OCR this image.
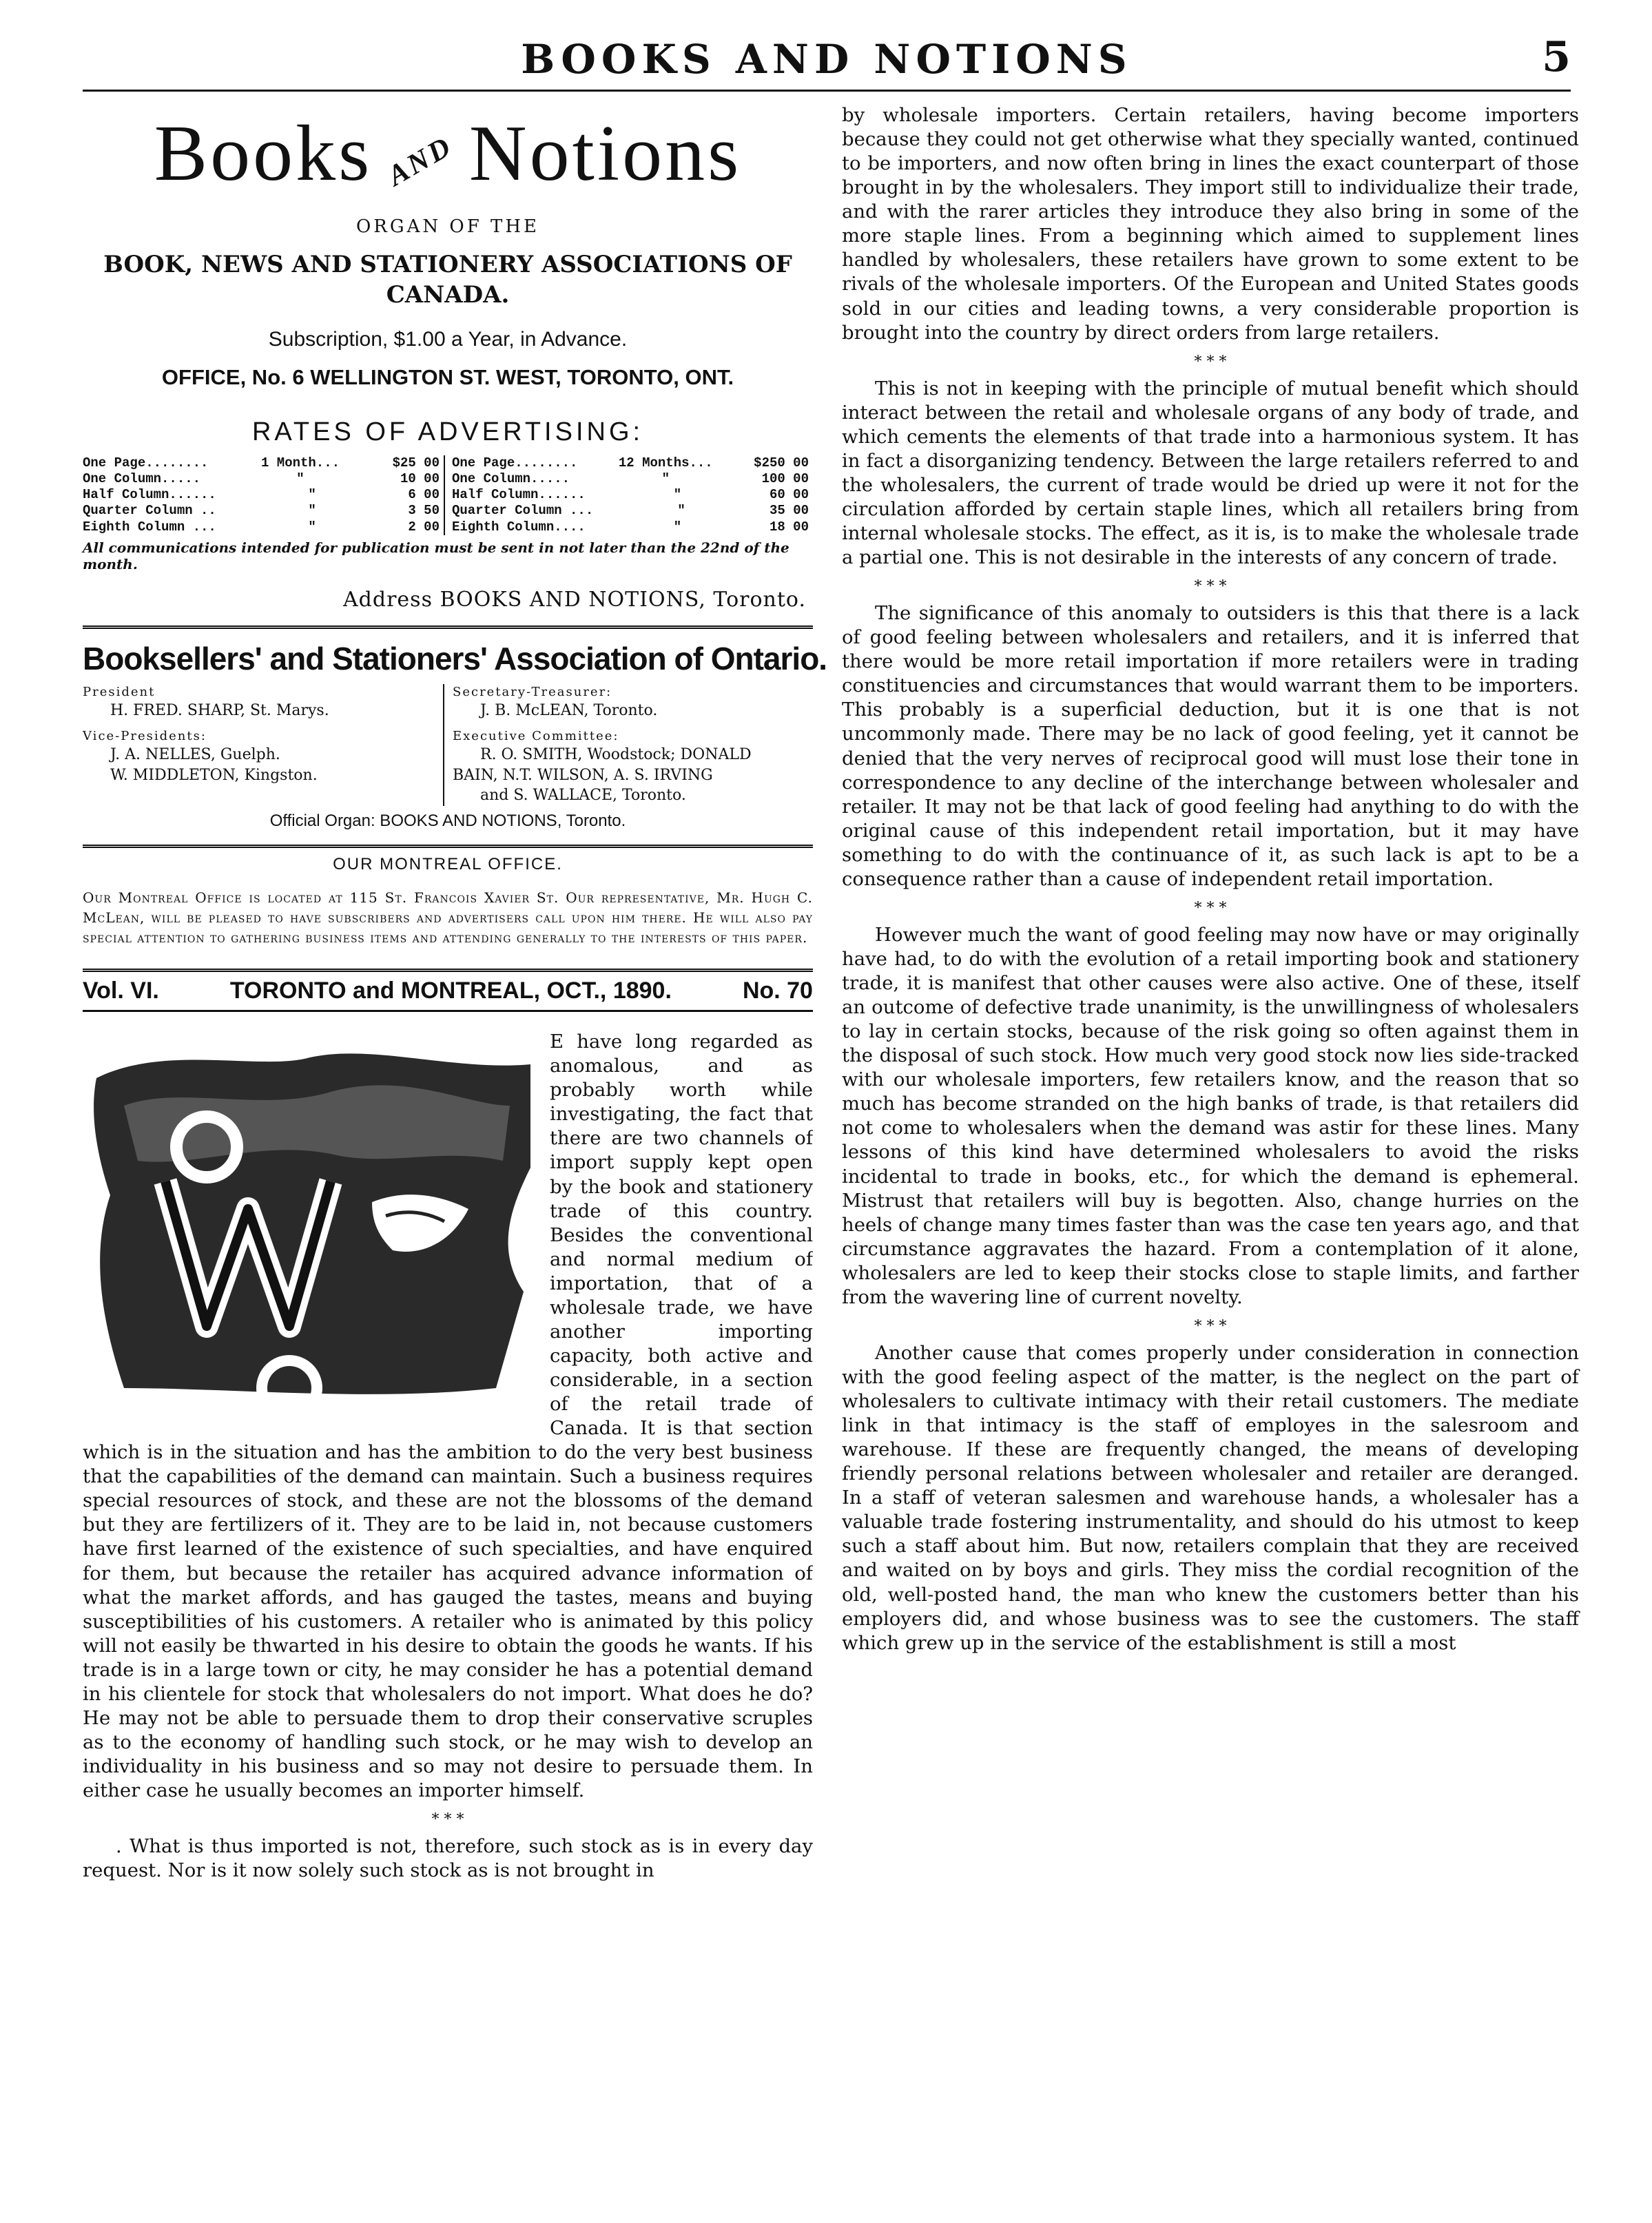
BOOKS AND NOTIONS	5
Books AND Notions
ORGAN OF THE
BOOK, NEWS AND STATIONERY ASSOCIATIONS OF CANADA.
Subscription, $1.00 a Year, in Advance.
OFFICE, No. 6 WELLINGTON ST. WEST, TORONTO, ONT.
RATES OF ADVERTISING:
One Page........	1 Month...	$25 00
One Column.....	"	10 00
Half Column......	"	6 00
Quarter Column ..	"	3 50
Eighth Column ...	"	2 00
One Page........	12 Months...	$250 00
One Column.....	"	100 00
Half Column......	"	60 00
Quarter Column ...	"	35 00
Eighth Column....	"	18 00
All communications intended for publication must be sent in not later than the 22nd of the month.
Address BOOKS AND NOTIONS, Toronto.
Booksellers' and Stationers' Association of Ontario.
President
H. FRED. SHARP, St. Marys.
Vice-Presidents:
J. A. NELLES, Guelph.
W. MIDDLETON, Kingston.
Secretary-Treasurer:
J. B. McLEAN, Toronto.
Executive Committee:
R. O. SMITH, Woodstock; DONALD
BAIN, N.T. WILSON, A. S. IRVING
and S. WALLACE, Toronto.
Official Organ: BOOKS AND NOTIONS, Toronto.
OUR MONTREAL OFFICE.
Our Montreal Office is located at 115 St. Francois Xavier St. Our representative, Mr. Hugh C. McLean, will be pleased to have subscribers and advertisers call upon him there. He will also pay special attention to gathering business items and attending generally to the interests of this paper.
Vol. VI.	TORONTO and MONTREAL, OCT., 1890.	No. 70

E have long regarded as anomalous, and as probably worth while investigating, the fact that there are two channels of import supply kept open by the book and stationery trade of this country. Besides the conventional and normal medium of importation, that of a wholesale trade, we have another importing capacity, both active and considerable, in a section of the retail trade of Canada. It is that section which is in the situation and has the ambition to do the very best business that the capabilities of the demand can maintain. Such a business requires special resources of stock, and these are not the blossoms of the demand but they are fertilizers of it. They are to be laid in, not because customers have first learned of the existence of such specialties, and have enquired for them, but because the retailer has acquired advance information of what the market affords, and has gauged the tastes, means and buying susceptibilities of his customers. A retailer who is animated by this policy will not easily be thwarted in his desire to obtain the goods he wants. If his trade is in a large town or city, he may consider he has a potential demand in his clientele for stock that wholesalers do not import. What does he do? He may not be able to persuade them to drop their conservative scruples as to the economy of handling such stock, or he may wish to develop an individuality in his business and so may not desire to persuade them. In either case he usually becomes an importer himself.

* * *

. What is thus imported is not, therefore, such stock as is in every day request. Nor is it now solely such stock as is not brought in

by wholesale importers. Certain retailers, having become importers because they could not get otherwise what they specially wanted, continued to be importers, and now often bring in lines the exact counterpart of those brought in by the wholesalers. They import still to individualize their trade, and with the rarer articles they introduce they also bring in some of the more staple lines. From a beginning which aimed to supplement lines handled by wholesalers, these retailers have grown to some extent to be rivals of the wholesale importers. Of the European and United States goods sold in our cities and leading towns, a very considerable proportion is brought into the country by direct orders from large retailers.

* * *

This is not in keeping with the principle of mutual benefit which should interact between the retail and wholesale organs of any body of trade, and which cements the elements of that trade into a harmonious system. It has in fact a disorganizing tendency. Between the large retailers referred to and the wholesalers, the current of trade would be dried up were it not for the circulation afforded by certain staple lines, which all retailers bring from internal wholesale stocks. The effect, as it is, is to make the wholesale trade a partial one. This is not desirable in the interests of any concern of trade.

* * *

The significance of this anomaly to outsiders is this that there is a lack of good feeling between wholesalers and retailers, and it is inferred that there would be more retail importation if more retailers were in trading constituencies and circumstances that would warrant them to be importers. This probably is a superficial deduction, but it is one that is not uncommonly made. There may be no lack of good feeling, yet it cannot be denied that the very nerves of reciprocal good will must lose their tone in correspondence to any decline of the interchange between wholesaler and retailer. It may not be that lack of good feeling had anything to do with the original cause of this independent retail importation, but it may have something to do with the continuance of it, as such lack is apt to be a consequence rather than a cause of independent retail importation.

* * *

However much the want of good feeling may now have or may originally have had, to do with the evolution of a retail importing book and stationery trade, it is manifest that other causes were also active. One of these, itself an outcome of defective trade unanimity, is the unwillingness of wholesalers to lay in certain stocks, because of the risk going so often against them in the disposal of such stock. How much very good stock now lies side-tracked with our wholesale importers, few retailers know, and the reason that so much has become stranded on the high banks of trade, is that retailers did not come to wholesalers when the demand was astir for these lines. Many lessons of this kind have determined wholesalers to avoid the risks incidental to trade in books, etc., for which the demand is ephemeral. Mistrust that retailers will buy is begotten. Also, change hurries on the heels of change many times faster than was the case ten years ago, and that circumstance aggravates the hazard. From a contemplation of it alone, wholesalers are led to keep their stocks close to staple limits, and farther from the wavering line of current novelty.

* * *

Another cause that comes properly under consideration in connection with the good feeling aspect of the matter, is the neglect on the part of wholesalers to cultivate intimacy with their retail customers. The mediate link in that intimacy is the staff of employes in the salesroom and warehouse. If these are frequently changed, the means of developing friendly personal relations between wholesaler and retailer are deranged. In a staff of veteran salesmen and warehouse hands, a wholesaler has a valuable trade fostering instrumentality, and should do his utmost to keep such a staff about him. But now, retailers complain that they are received and waited on by boys and girls. They miss the cordial recognition of the old, well-posted hand, the man who knew the customers better than his employers did, and whose business was to see the customers. The staff which grew up in the service of the establishment is still a most
